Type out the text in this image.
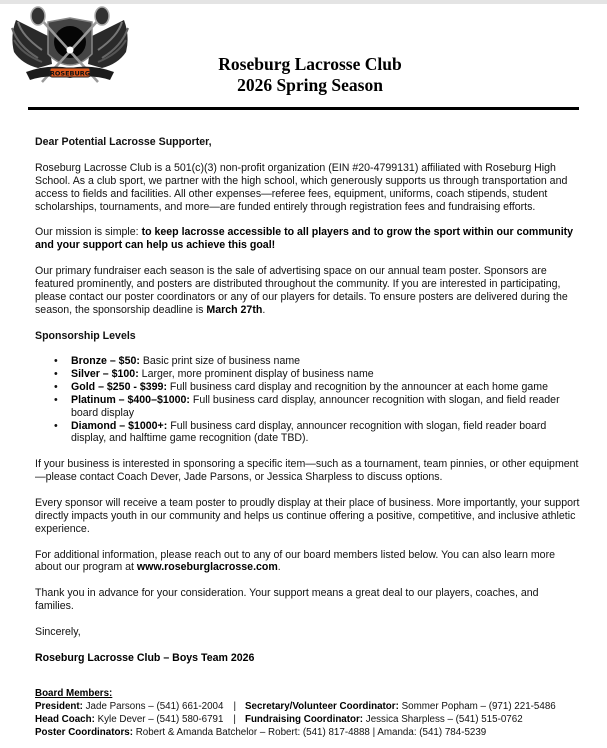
ROSEBURG	Roseburg Lacrosse Club
2026 Spring Season

Dear Potential Lacrosse Supporter,

Roseburg Lacrosse Club is a 501(c)(3) non-profit organization (EIN #20-4799131) affiliated with Roseburg High School. As a club sport, we partner with the high school, which generously supports us through transportation and access to fields and facilities. All other expenses—referee fees, equipment, uniforms, coach stipends, student scholarships, tournaments, and more—are funded entirely through registration fees and fundraising efforts.

Our mission is simple: to keep lacrosse accessible to all players and to grow the sport within our community and your support can help us achieve this goal!

Our primary fundraiser each season is the sale of advertising space on our annual team poster. Sponsors are featured prominently, and posters are distributed throughout the community. If you are interested in participating, please contact our poster coordinators or any of our players for details. To ensure posters are delivered during the season, the sponsorship deadline is March 27th.

Sponsorship Levels

• Bronze – $50: Basic print size of business name
• Silver – $100: Larger, more prominent display of business name
• Gold – $250 - $399: Full business card display and recognition by the announcer at each home game
• Platinum – $400–$1000: Full business card display, announcer recognition with slogan, and field reader board display
• Diamond – $1000+: Full business card display, announcer recognition with slogan, field reader board display, and halftime game recognition (date TBD).

If your business is interested in sponsoring a specific item—such as a tournament, team pinnies, or other equipment—please contact Coach Dever, Jade Parsons, or Jessica Sharpless to discuss options.

Every sponsor will receive a team poster to proudly display at their place of business. More importantly, your support directly impacts youth in our community and helps us continue offering a positive, competitive, and inclusive athletic experience.

For additional information, please reach out to any of our board members listed below. You can also learn more about our program at www.roseburglacrosse.com.

Thank you in advance for your consideration. Your support means a great deal to our players, coaches, and families.

Sincerely,

Roseburg Lacrosse Club – Boys Team 2026

Board Members:
President: Jade Parsons – (541) 661-2004 | Secretary/Volunteer Coordinator: Sommer Popham – (971) 221-5486
Head Coach: Kyle Dever – (541) 580-6791 | Fundraising Coordinator: Jessica Sharpless – (541) 515-0762
Poster Coordinators: Robert & Amanda Batchelor – Robert: (541) 817-4888 | Amanda: (541) 784-5239
